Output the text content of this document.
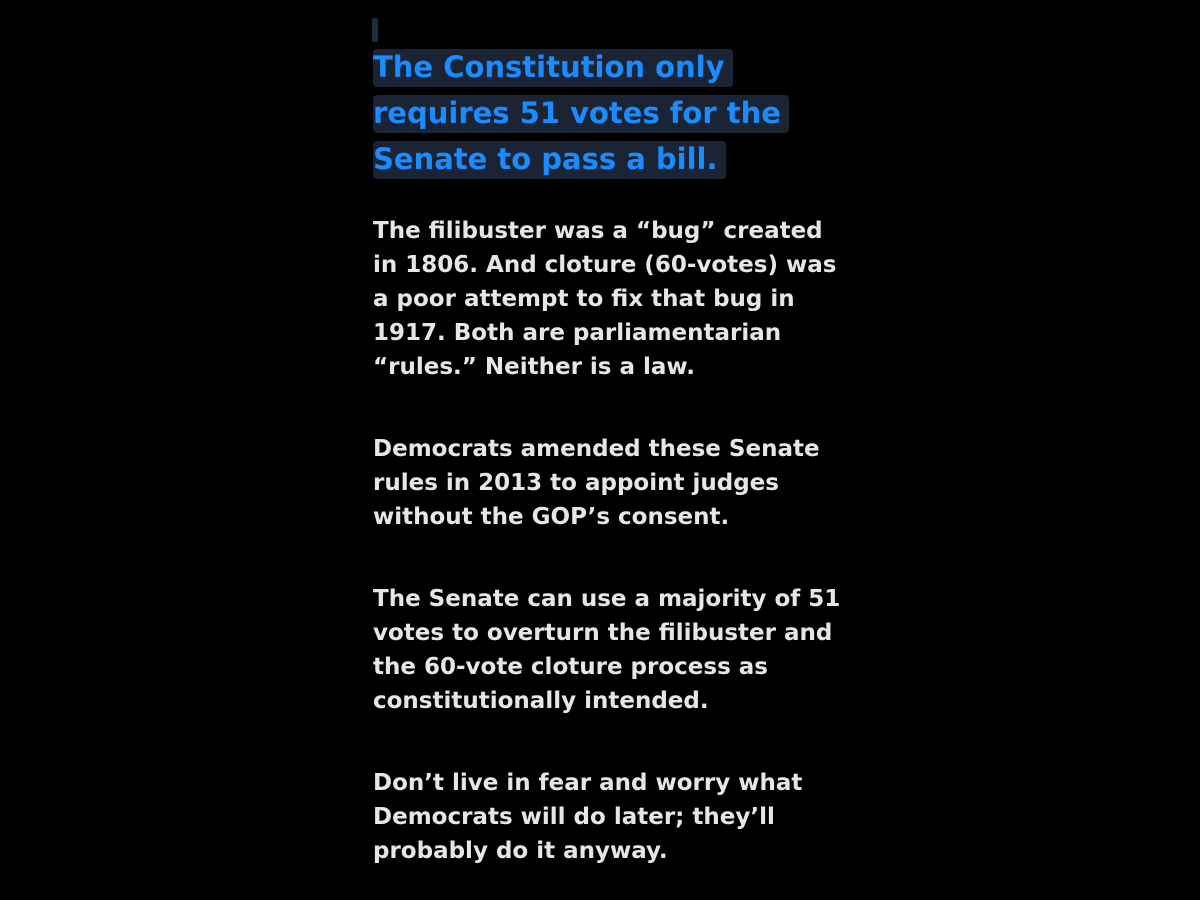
The Constitution only requires 51 votes for the Senate to pass a bill.

The filibuster was a “bug” created in 1806. And cloture (60-votes) was a poor attempt to fix that bug in 1917. Both are parliamentarian “rules.” Neither is a law.

Democrats amended these Senate rules in 2013 to appoint judges without the GOP’s consent.

The Senate can use a majority of 51 votes to overturn the filibuster and the 60-vote cloture process as constitutionally intended.

Don’t live in fear and worry what Democrats will do later; they’ll probably do it anyway.
